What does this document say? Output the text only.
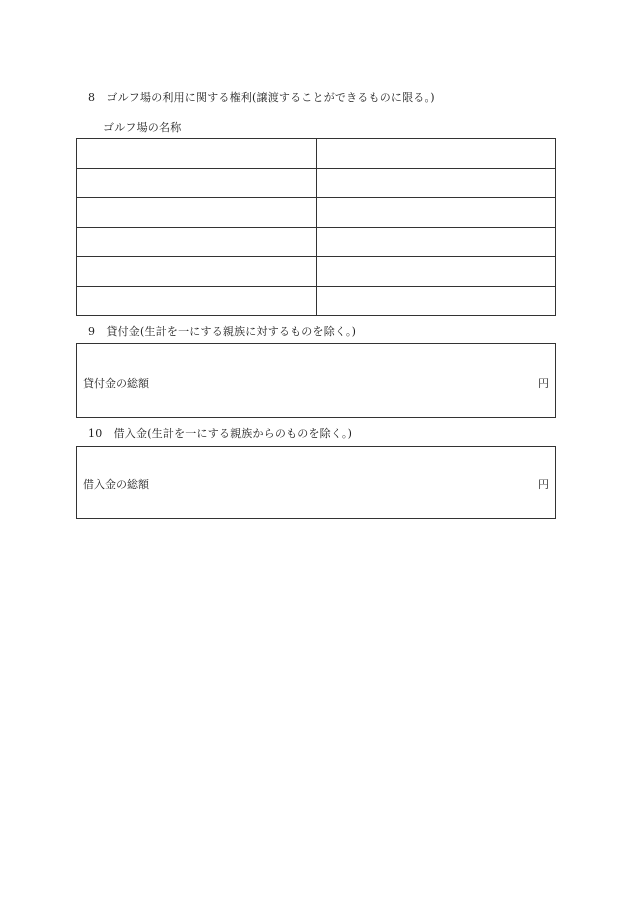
8　ゴルフ場の利用に関する権利(譲渡することができるものに限る。)
ゴルフ場の名称

9　貸付金(生計を一にする親族に対するものを除く。)
貸付金の総額	円
10　借入金(生計を一にする親族からのものを除く。)
借入金の総額	円
